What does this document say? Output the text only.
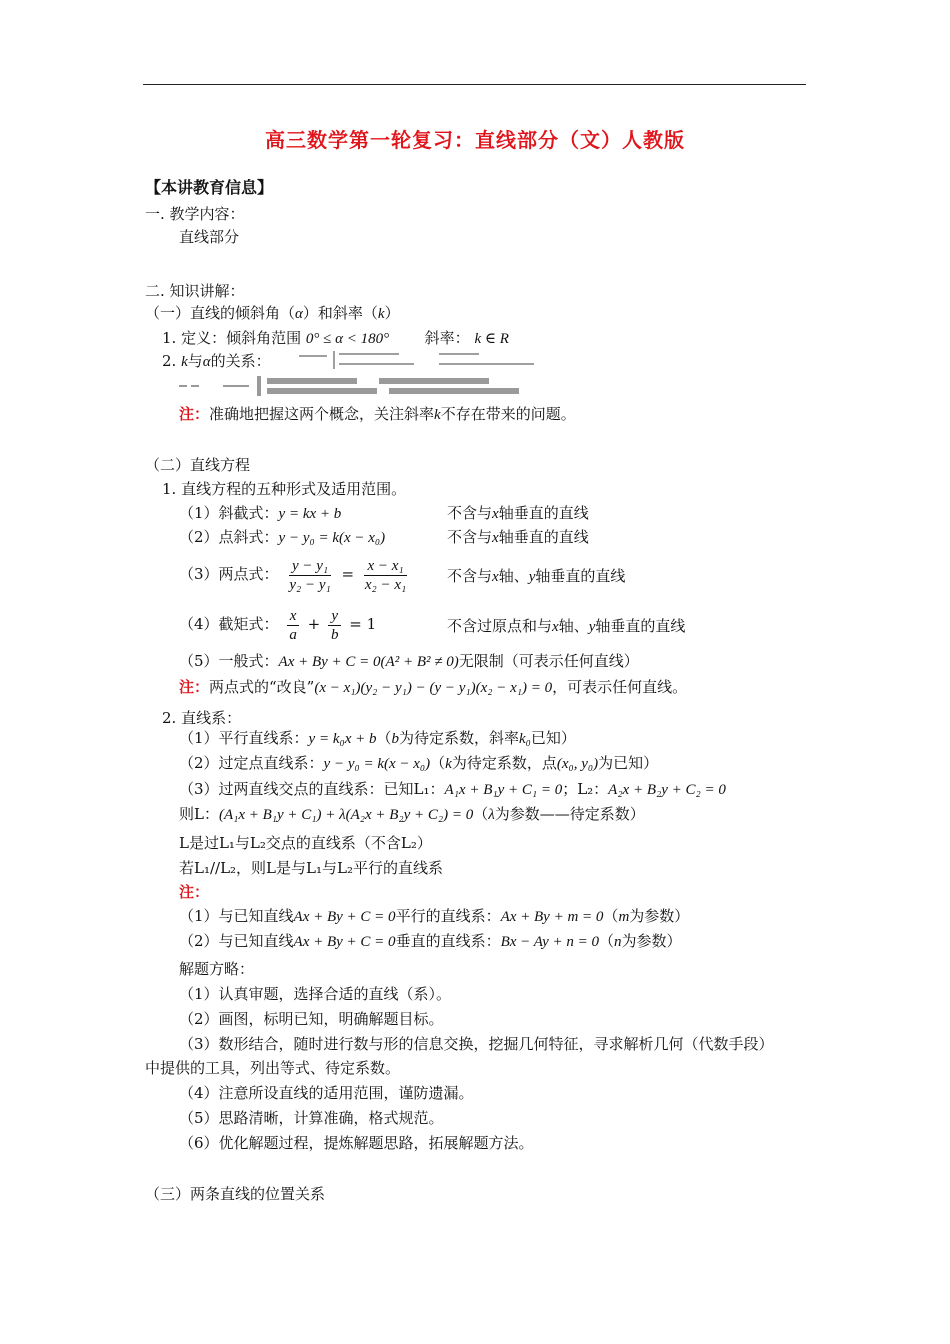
高三数学第一轮复习：直线部分（文）人教版
【本讲教育信息】
一. 教学内容：
直线部分
二. 知识讲解：
（一）直线的倾斜角（α）和斜率（k）
1. 定义：倾斜角范围 0° ≤ α < 180° 斜率： k ∈ R
2. k与α的关系：
注：准确地把握这两个概念，关注斜率k不存在带来的问题。
（二）直线方程
1. 直线方程的五种形式及适用范围。
（1）斜截式：y = kx + b	不含与x轴垂直的直线
（2）点斜式：y − y₀ = k(x − x₀)	不含与x轴垂直的直线
（3）两点式： $\frac{\text{y − y₁}}{\text{y₂ − y₁}} = \frac{\text{x − x₁}}{\text{x₂ − x₁}}$	不含与x轴、y轴垂直的直线
（4）截矩式： $\frac{x}{a} + \frac{y}{b} = 1$	不含过原点和与x轴、y轴垂直的直线
（5）一般式：Ax + By + C = 0(A² + B² ≠ 0)无限制（可表示任何直线）
注：两点式的“改良”(x − x₁)(y₂ − y₁) − (y − y₁)(x₂ − x₁) = 0，可表示任何直线。
2. 直线系：
（1）平行直线系：y = k₀x + b（b为待定系数，斜率k₀已知）
（2）过定点直线系：y − y₀ = k(x − x₀)（k为待定系数，点(x₀, y₀)为已知）
（3）过两直线交点的直线系：已知L₁：A₁x + B₁y + C₁ = 0；L₂：A₂x + B₂y + C₂ = 0
则L：(A₁x + B₁y + C₁) + λ(A₂x + B₂y + C₂) = 0（λ为参数——待定系数）
L是过L₁与L₂交点的直线系（不含L₂）
若L₁//L₂，则L是与L₁与L₂平行的直线系
注：
（1）与已知直线Ax + By + C = 0平行的直线系：Ax + By + m = 0（m为参数）
（2）与已知直线Ax + By + C = 0垂直的直线系：Bx − Ay + n = 0（n为参数）
解题方略：
（1）认真审题，选择合适的直线（系）。
（2）画图，标明已知，明确解题目标。
（3）数形结合，随时进行数与形的信息交换，挖掘几何特征，寻求解析几何（代数手段）
中提供的工具，列出等式、待定系数。
（4）注意所设直线的适用范围，谨防遗漏。
（5）思路清晰，计算准确，格式规范。
（6）优化解题过程，提炼解题思路，拓展解题方法。
（三）两条直线的位置关系
